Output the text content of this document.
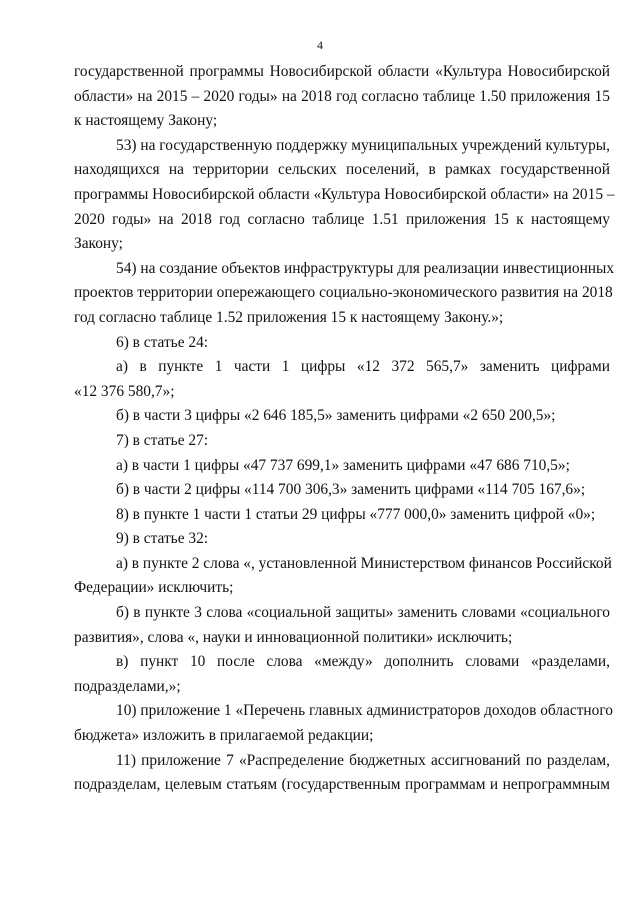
4
государственной программы Новосибирской области «Культура Новосибирской
области» на 2015 – 2020 годы» на 2018 год согласно таблице 1.50 приложения 15
к настоящему Закону;
53) на государственную поддержку муниципальных учреждений культуры,
находящихся на территории сельских поселений, в рамках государственной
программы Новосибирской области «Культура Новосибирской области» на 2015 –
2020 годы» на 2018 год согласно таблице 1.51 приложения 15 к настоящему
Закону;
54) на создание объектов инфраструктуры для реализации инвестиционных
проектов территории опережающего социально-экономического развития на 2018
год согласно таблице 1.52 приложения 15 к настоящему Закону.»;
6) в статье 24:
а) в пункте 1 части 1 цифры «12 372 565,7» заменить цифрами
«12 376 580,7»;
б) в части 3 цифры «2 646 185,5» заменить цифрами «2 650 200,5»;
7) в статье 27:
а) в части 1 цифры «47 737 699,1» заменить цифрами «47 686 710,5»;
б) в части 2 цифры «114 700 306,3» заменить цифрами «114 705 167,6»;
8) в пункте 1 части 1 статьи 29 цифры «777 000,0» заменить цифрой «0»;
9) в статье 32:
а) в пункте 2 слова «, установленной Министерством финансов Российской
Федерации» исключить;
б) в пункте 3 слова «социальной защиты» заменить словами «социального
развития», слова «, науки и инновационной политики» исключить;
в) пункт 10 после слова «между» дополнить словами «разделами,
подразделами,»;
10) приложение 1 «Перечень главных администраторов доходов областного
бюджета» изложить в прилагаемой редакции;
11) приложение 7 «Распределение бюджетных ассигнований по разделам,
подразделам, целевым статьям (государственным программам и непрограммным
